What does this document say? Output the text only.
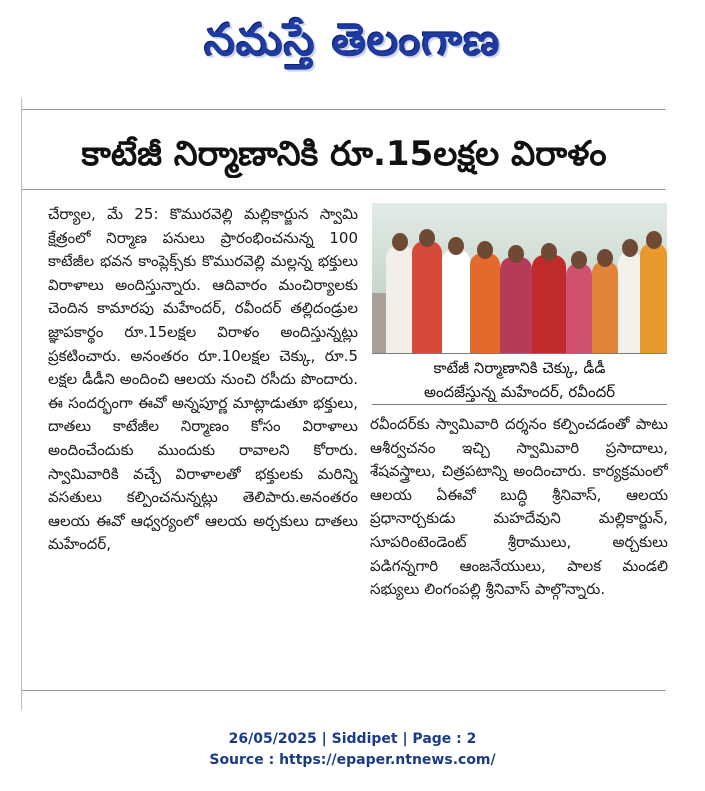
నమస్తే తెలంగాణ
కాటేజీ నిర్మాణానికి రూ.15లక్షల విరాళం
చేర్యాల, మే 25: కొమురవెల్లి మల్లికార్జున స్వామి క్షేత్రంలో నిర్మాణ పనులు ప్రారంభించనున్న 100 కాటేజీల భవన కాంప్లెక్స్‌కు కొమురవెల్లి మల్లన్న భక్తులు విరాళాలు అందిస్తున్నారు. ఆదివారం మంచిర్యాలకు చెందిన కామారపు మహేందర్, రవీందర్ తల్లిదండ్రుల జ్ఞాపకార్థం రూ.15లక్షల విరాళం అందిస్తున్నట్లు ప్రకటించారు. అనంతరం రూ.10లక్షల చెక్కు, రూ.5 లక్షల డీడీని అందించి ఆలయ నుంచి రసీదు పొందారు. ఈ సందర్భంగా ఈవో అన్నపూర్ణ మాట్లాడుతూ భక్తులు, దాతలు కాటేజీల నిర్మాణం కోసం విరాళాలు అందించేందుకు ముందుకు రావాలని కోరారు. స్వామివారికి వచ్చే విరాళాలతో భక్తులకు మరిన్ని వసతులు కల్పించనున్నట్లు తెలిపారు.అనంతరం ఆలయ ఈవో ఆధ్వర్యంలో ఆలయ అర్చకులు దాతలు మహేందర్,
కాటేజీ నిర్మాణానికి చెక్కు, డీడీ
అందజేస్తున్న మహేందర్, రవీందర్
రవీందర్‌కు స్వామివారి దర్శనం కల్పించడంతో పాటు ఆశీర్వచనం ఇచ్చి స్వామివారి ప్రసాదాలు, శేషవస్త్రాలు, చిత్రపటాన్ని అందించారు. కార్యక్రమంలో ఆలయ ఏఈవో బుద్ధి శ్రీనివాస్, ఆలయ ప్రధానార్చకుడు మహదేవుని మల్లికార్జున్, సూపరింటెండెంట్ శ్రీరాములు, అర్చకులు పడిగన్నగారి ఆంజనేయులు, పాలక మండలి సభ్యులు లింగంపల్లి శ్రీనివాస్ పాల్గొన్నారు.
26/05/2025 | Siddipet | Page : 2
Source : https://epaper.ntnews.com/
